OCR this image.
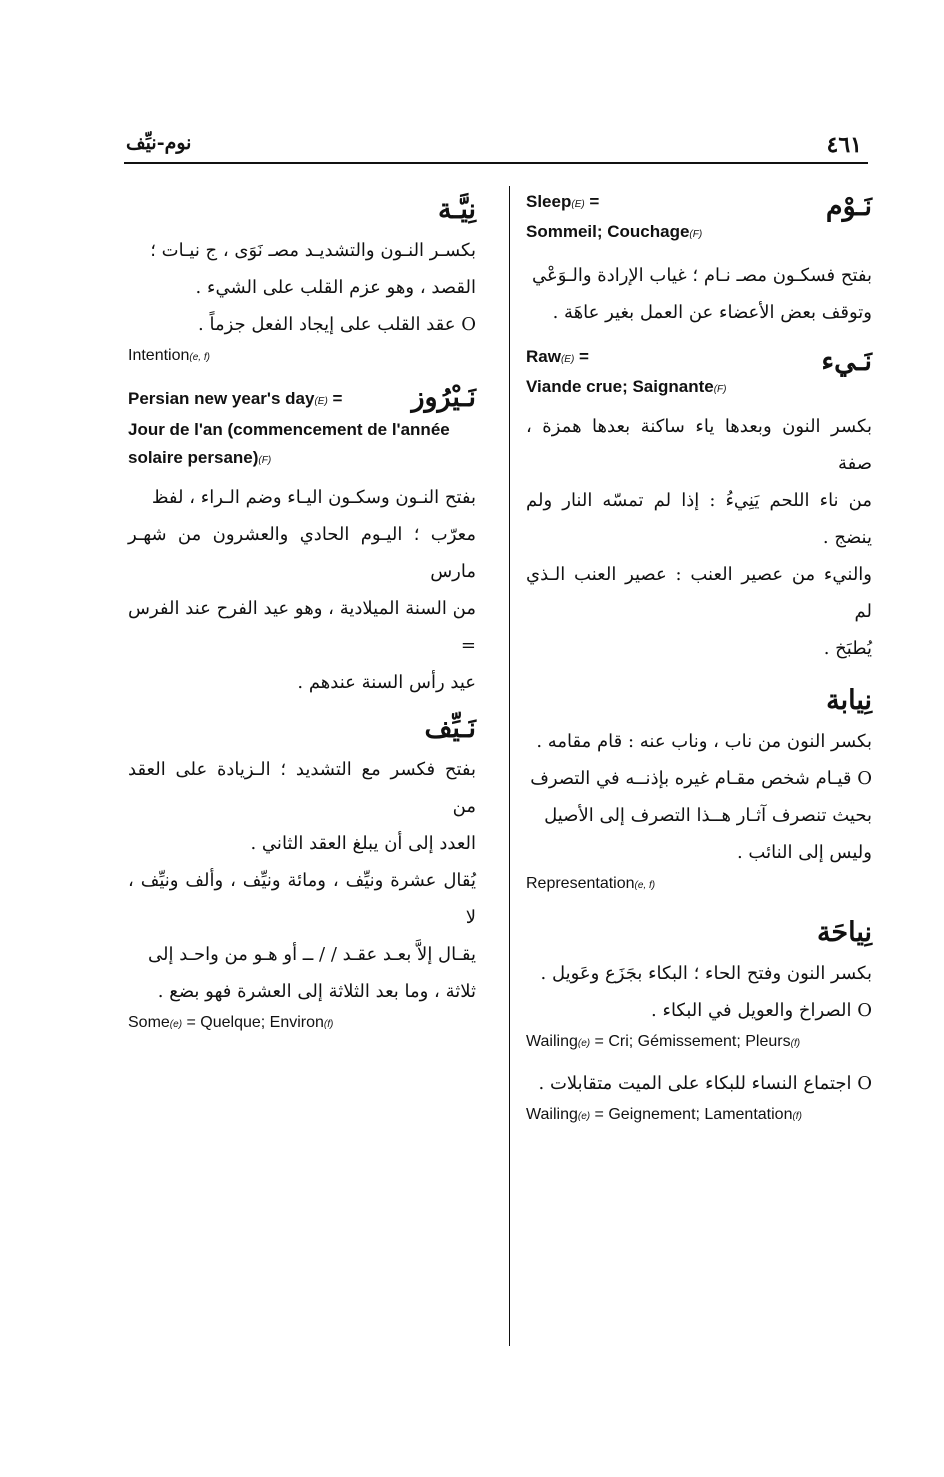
٤٦١
نوم-نيِّف
نَـوْم
Sleep(E) =
Sommeil; Couchage(F)

بفتح فسكـون مصـ نـام ؛ غياب الإرادة والـوَعْي

وتوقف بعض الأعضاء عن العمل بغير عاهَة .

نَـيء
Raw(E) =
Viande crue; Saignante(F)

بكسر النون وبعدها ياء ساكنة بعدها همزة ، صفة

من ناء اللحم يَنِيءُ : إذا لم تمسّه النار ولم ينضج .

والنيء من عصير العنب : عصير العنب الـذي لم

يُطبَخ .

نِيابة

بكسر النون من ناب ، وناب عنه : قام مقامه .

O قيـام شخص مقـام غيره بإذنــه في التصرف

بحيث تنصرف آثـار هــذا التصرف إلى الأصيل

وليس إلى النائب .

Representation(e, f)
نِياحَة

بكسر النون وفتح الحاء ؛ البكاء بجَزَع وعَويل .

O الصراخ والعويل في البكاء .

Wailing(e) = Cri; Gémissement; Pleurs(f)

O اجتماع النساء للبكاء على الميت متقابلات .

Wailing(e) = Geignement; Lamentation(f)
نِيَّـة

بكسـر النـون والتشديـد مصـ نَوَى ، ج نيـات ؛

القصد ، وهو عزم القلب على الشيء .

O عقد القلب على إيجاد الفعل جزماً .

Intention(e, f)
نَـيْرُوز
Persian new year's day(E) =
Jour de l'an (commencement de l'année solaire persane)(F)

بفتح النـون وسكـون اليـاء وضم الـراء ، لفظ

معرّب ؛ اليـوم الحادي والعشرون من شهـر مارس

من السنة الميلادية ، وهو عيد الفرح عند الفرس =

عيد رأس السنة عندهم .

نَـيِّف

بفتح فكسر مع التشديد ؛ الـزيادة على العقد من

العدد إلى أن يبلغ العقد الثاني .

يُقال عشرة ونيِّف ، ومائة ونيِّف ، وألف ونيِّف ، لا

يقـال إلاَّ بعـد عقـد / / ــ أو هـو من واحـد إلى

ثلاثة ، وما بعد الثلاثة إلى العشرة فهو بضع .

Some(e) = Quelque; Environ(f)
